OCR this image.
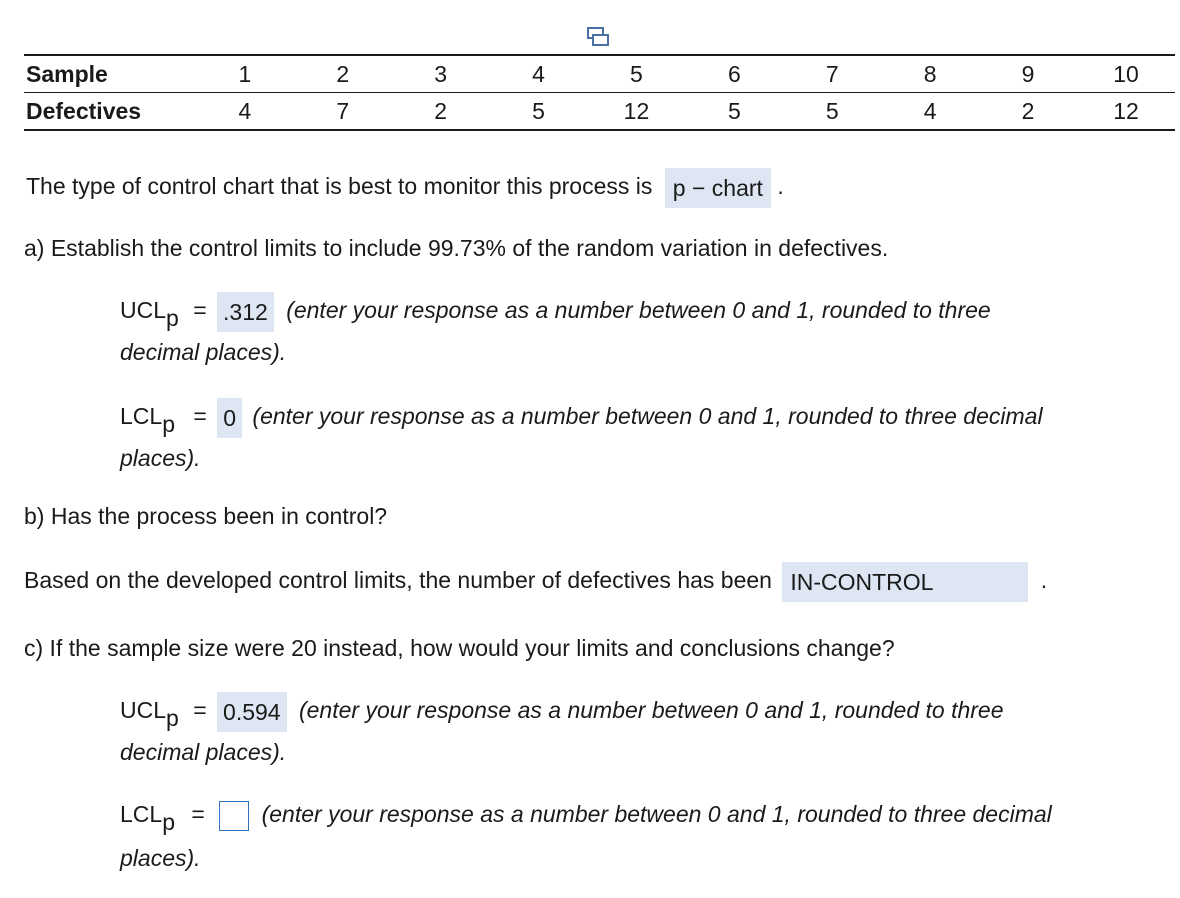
Sample	1	2	3	4	5	6	7	8	9	10
Defectives	4	7	2	5	12	5	5	4	2	12
The type of control chart that is best to monitor this process is p − chart .
a) Establish the control limits to include 99.73% of the random variation in defectives.
UCLp = .312 (enter your response as a number between 0 and 1, rounded to three
decimal places).
LCLp = 0 (enter your response as a number between 0 and 1, rounded to three decimal
places).
b) Has the process been in control?
Based on the developed control limits, the number of defectives has been IN-CONTROL	.
c) If the sample size were 20 instead, how would your limits and conclusions change?
UCLp = 0.594 (enter your response as a number between 0 and 1, rounded to three
decimal places).
LCLp = (enter your response as a number between 0 and 1, rounded to three decimal
places).
